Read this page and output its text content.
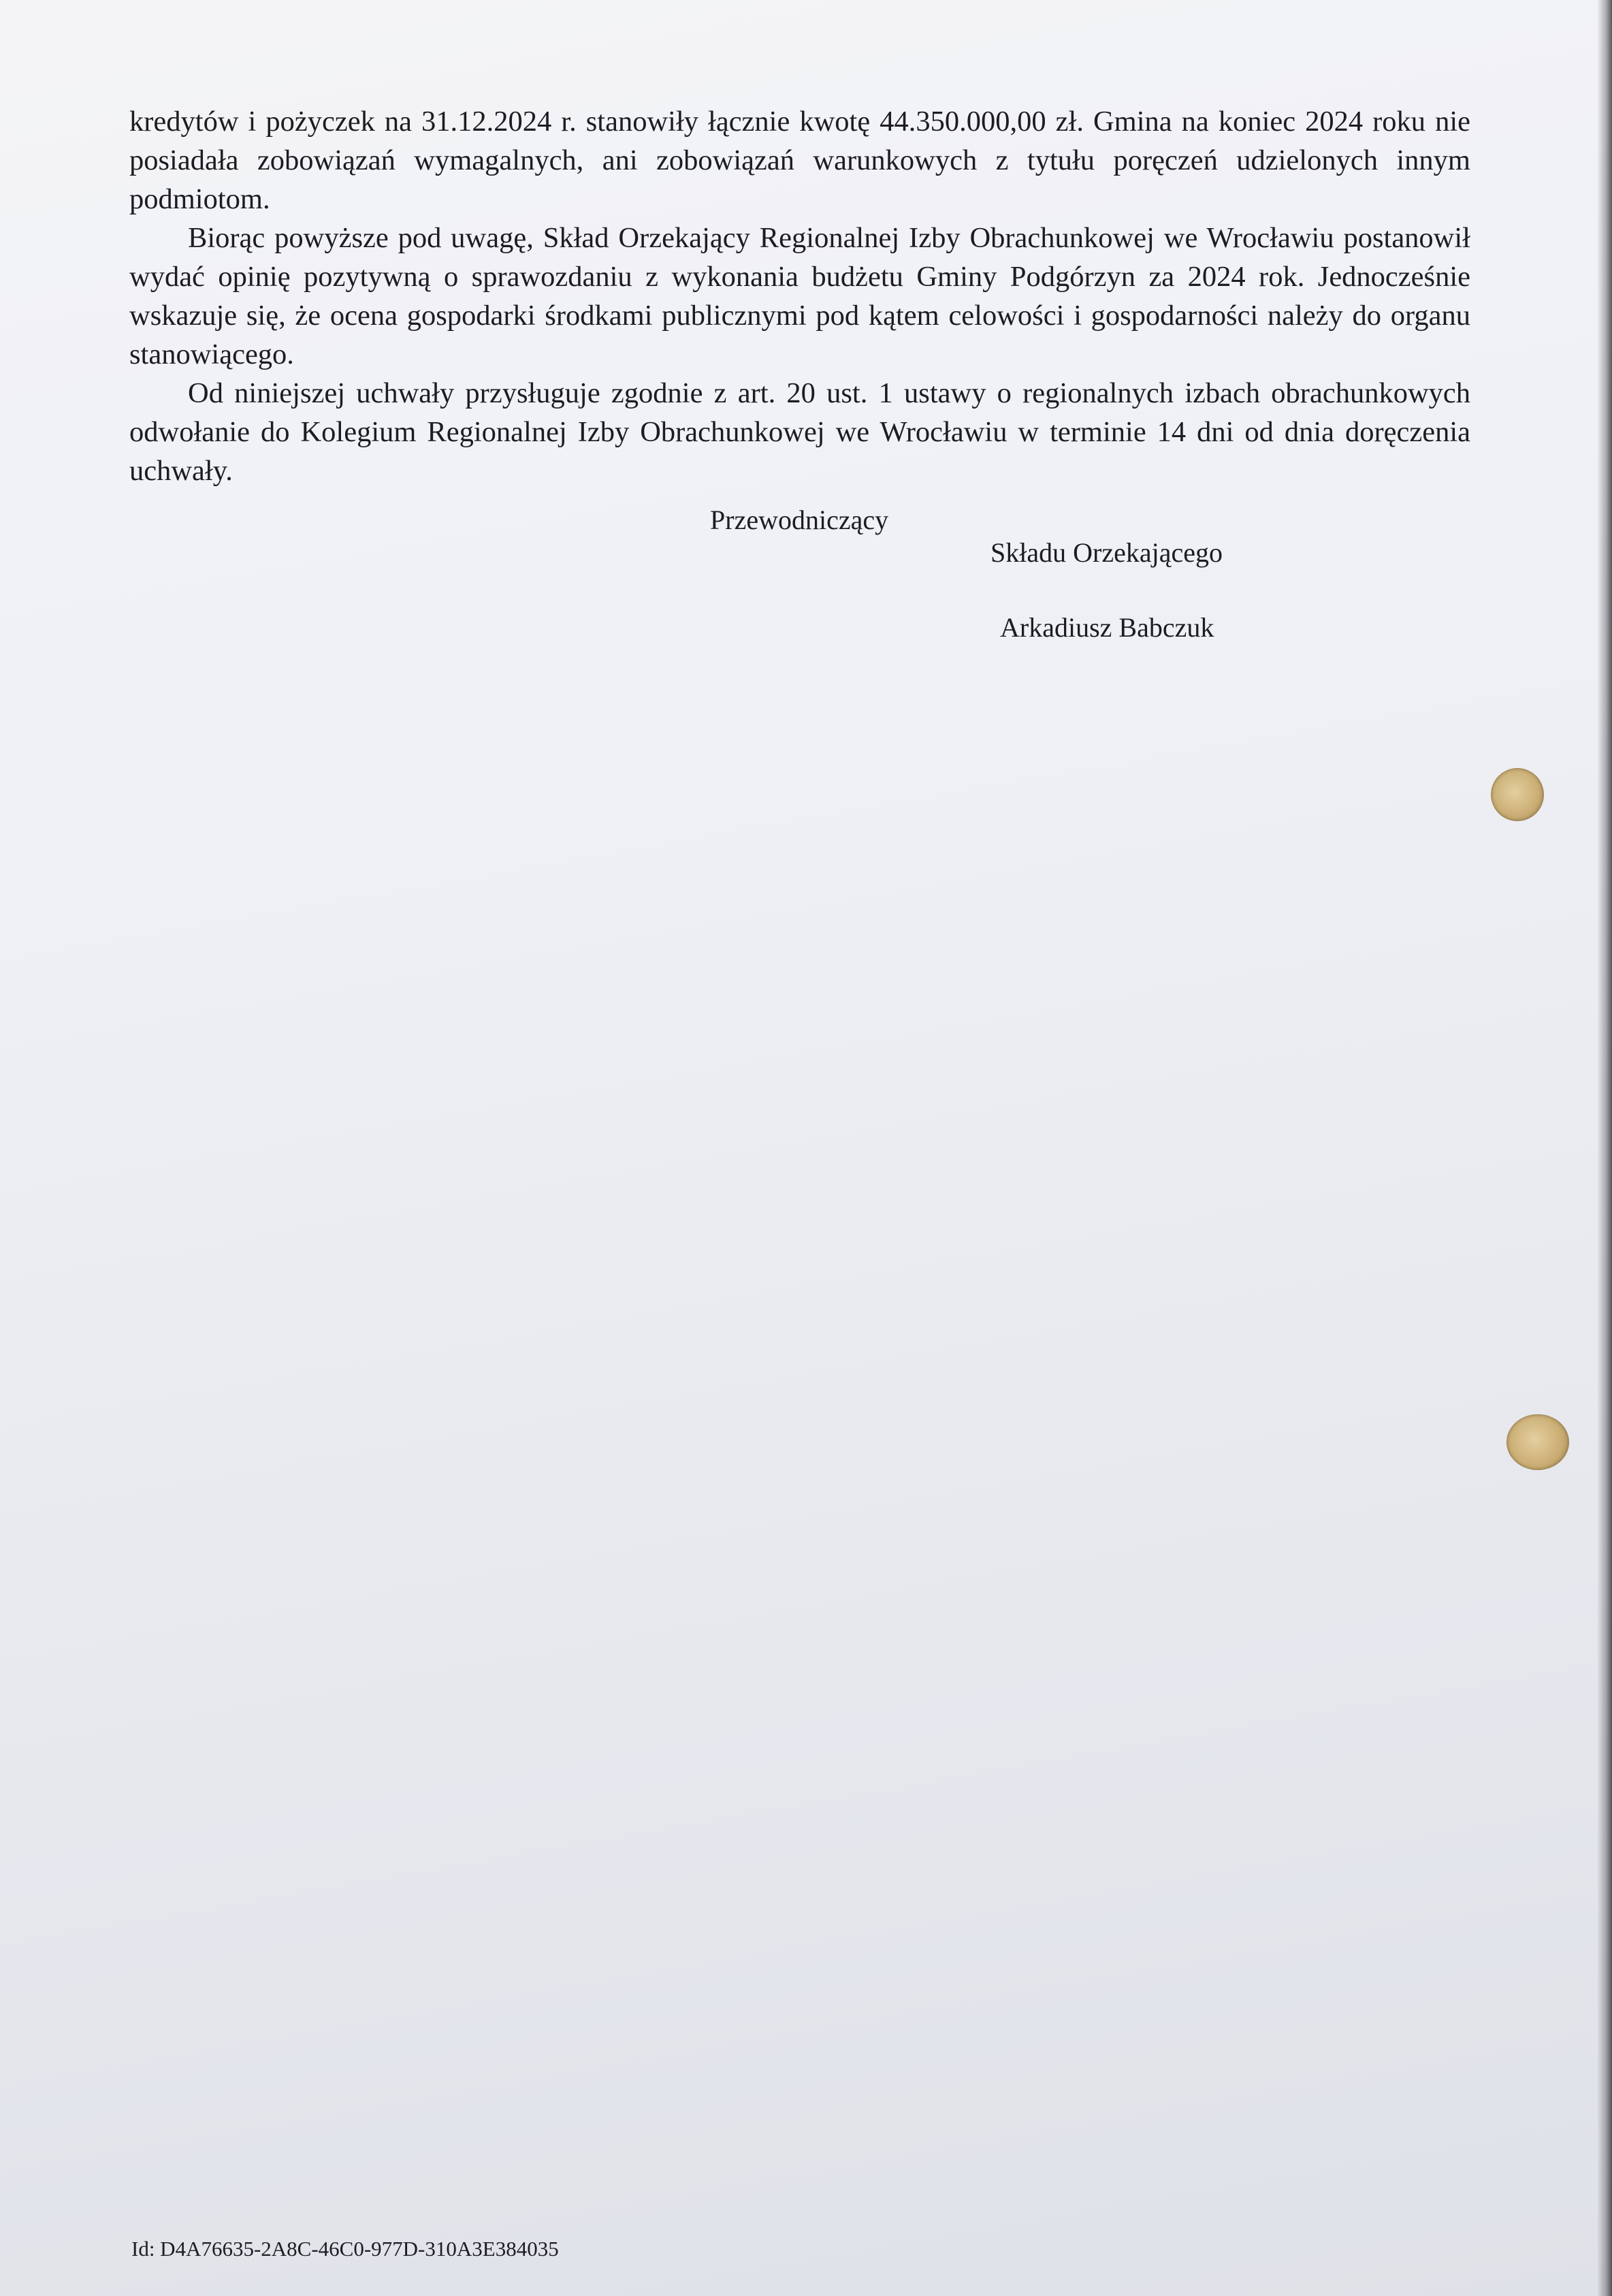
kredytów i pożyczek na 31.12.2024 r. stanowiły łącznie kwotę 44.350.000,00 zł. Gmina na koniec 2024 roku nie posiadała zobowiązań wymagalnych, ani zobowiązań warunkowych z tytułu poręczeń udzielonych innym podmiotom.

Biorąc powyższe pod uwagę, Skład Orzekający Regionalnej Izby Obrachunkowej we Wrocławiu postanowił wydać opinię pozytywną o sprawozdaniu z wykonania budżetu Gminy Podgórzyn za 2024 rok. Jednocześnie wskazuje się, że ocena gospodarki środkami publicznymi pod kątem celowości i gospodarności należy do organu stanowiącego.

Od niniejszej uchwały przysługuje zgodnie z art. 20 ust. 1 ustawy o regionalnych izbach obrachunkowych odwołanie do Kolegium Regionalnej Izby Obrachunkowej we Wrocławiu w terminie 14 dni od dnia doręczenia uchwały.

Przewodniczący
Składu Orzekającego
Arkadiusz Babczuk
Id: D4A76635-2A8C-46C0-977D-310A3E384035
